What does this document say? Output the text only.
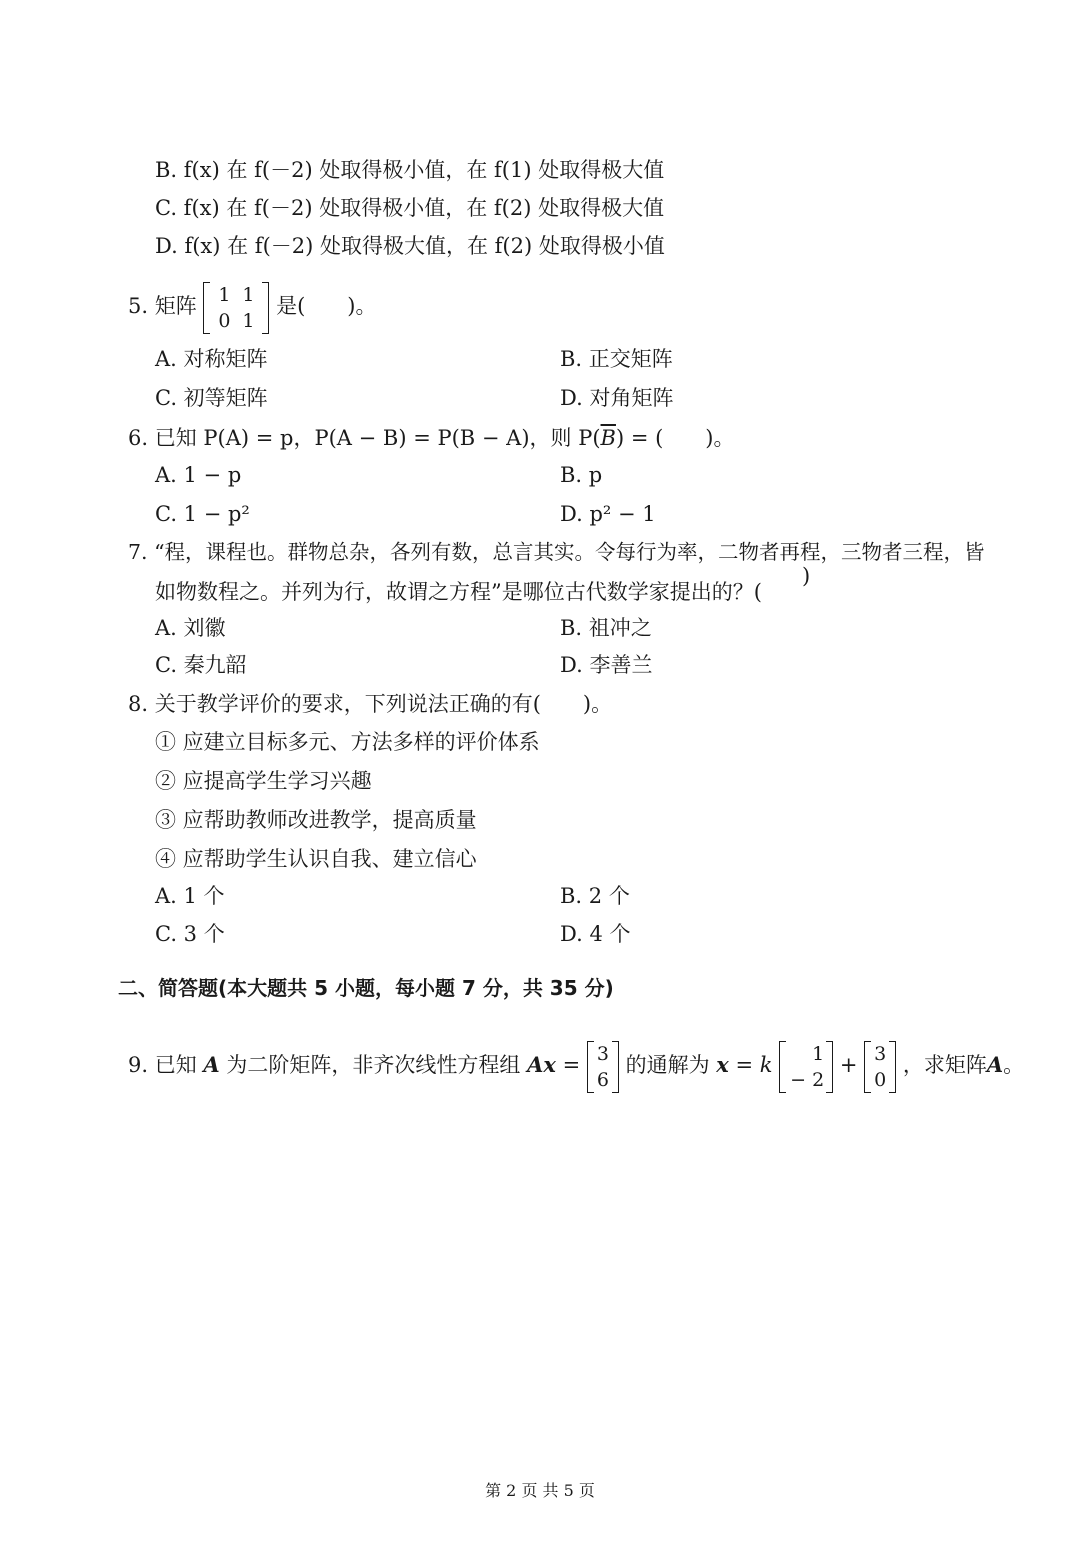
B. f(x) 在 f(－2) 处取得极小值，在 f(1) 处取得极大值
C. f(x) 在 f(－2) 处取得极小值，在 f(2) 处取得极大值
D. f(x) 在 f(－2) 处取得极大值，在 f(2) 处取得极小值
5. 矩阵	1 1
0 1
是(　　)。
A. 对称矩阵	B. 正交矩阵
C. 初等矩阵	D. 对角矩阵
6. 已知 P(A) = p，P(A − B) = P(B − A)，则 $P(\overline{B})$ = (　　)。
A. 1 − p	B. p
C. 1 − p²	D. p² − 1
7. “程，课程也。群物总杂，各列有数，总言其实。令每行为率，二物者再程，三物者三程，皆
如物数程之。并列为行，故谓之方程”是哪位古代数学家提出的？(
)
A. 刘徽	B. 祖冲之
C. 秦九韶	D. 李善兰
8. 关于教学评价的要求，下列说法正确的有(　　)。
① 应建立目标多元、方法多样的评价体系
② 应提高学生学习兴趣
③ 应帮助教师改进教学，提高质量
④ 应帮助学生认识自我、建立信心
A. 1 个	B. 2 个
C. 3 个	D. 4 个
二、简答题(本大题共 5 小题，每小题 7 分，共 35 分)
9. 已知 A 为二阶矩阵，非齐次线性方程组 Ax = 3
6
的通解为 x = k	1
− 2
+ 3
0
，求矩阵A。
第 2 页 共 5 页
